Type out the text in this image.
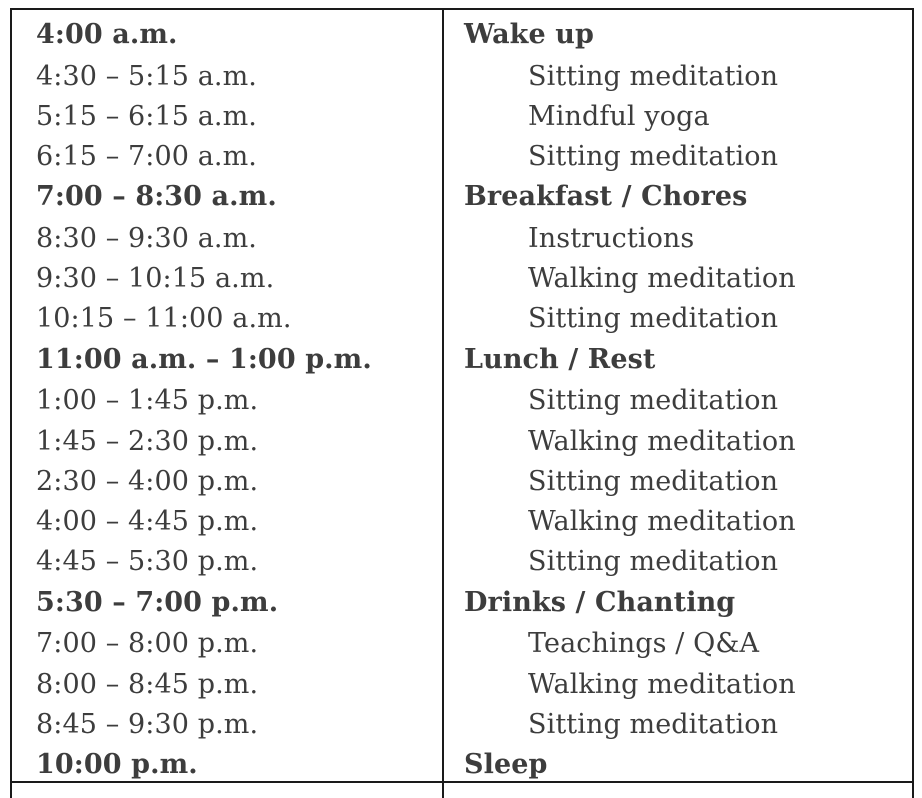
4:00 a.m.	Wake up
4:30 – 5:15 a.m.	Sitting meditation
5:15 – 6:15 a.m.	Mindful yoga
6:15 – 7:00 a.m.	Sitting meditation
7:00 – 8:30 a.m.	Breakfast / Chores
8:30 – 9:30 a.m.	Instructions
9:30 – 10:15 a.m.	Walking meditation
10:15 – 11:00 a.m.	Sitting meditation
11:00 a.m. – 1:00 p.m.	Lunch / Rest
1:00 – 1:45 p.m.	Sitting meditation
1:45 – 2:30 p.m.	Walking meditation
2:30 – 4:00 p.m.	Sitting meditation
4:00 – 4:45 p.m.	Walking meditation
4:45 – 5:30 p.m.	Sitting meditation
5:30 – 7:00 p.m.	Drinks / Chanting
7:00 – 8:00 p.m.	Teachings / Q&A
8:00 – 8:45 p.m.	Walking meditation
8:45 – 9:30 p.m.	Sitting meditation
10:00 p.m.	Sleep
